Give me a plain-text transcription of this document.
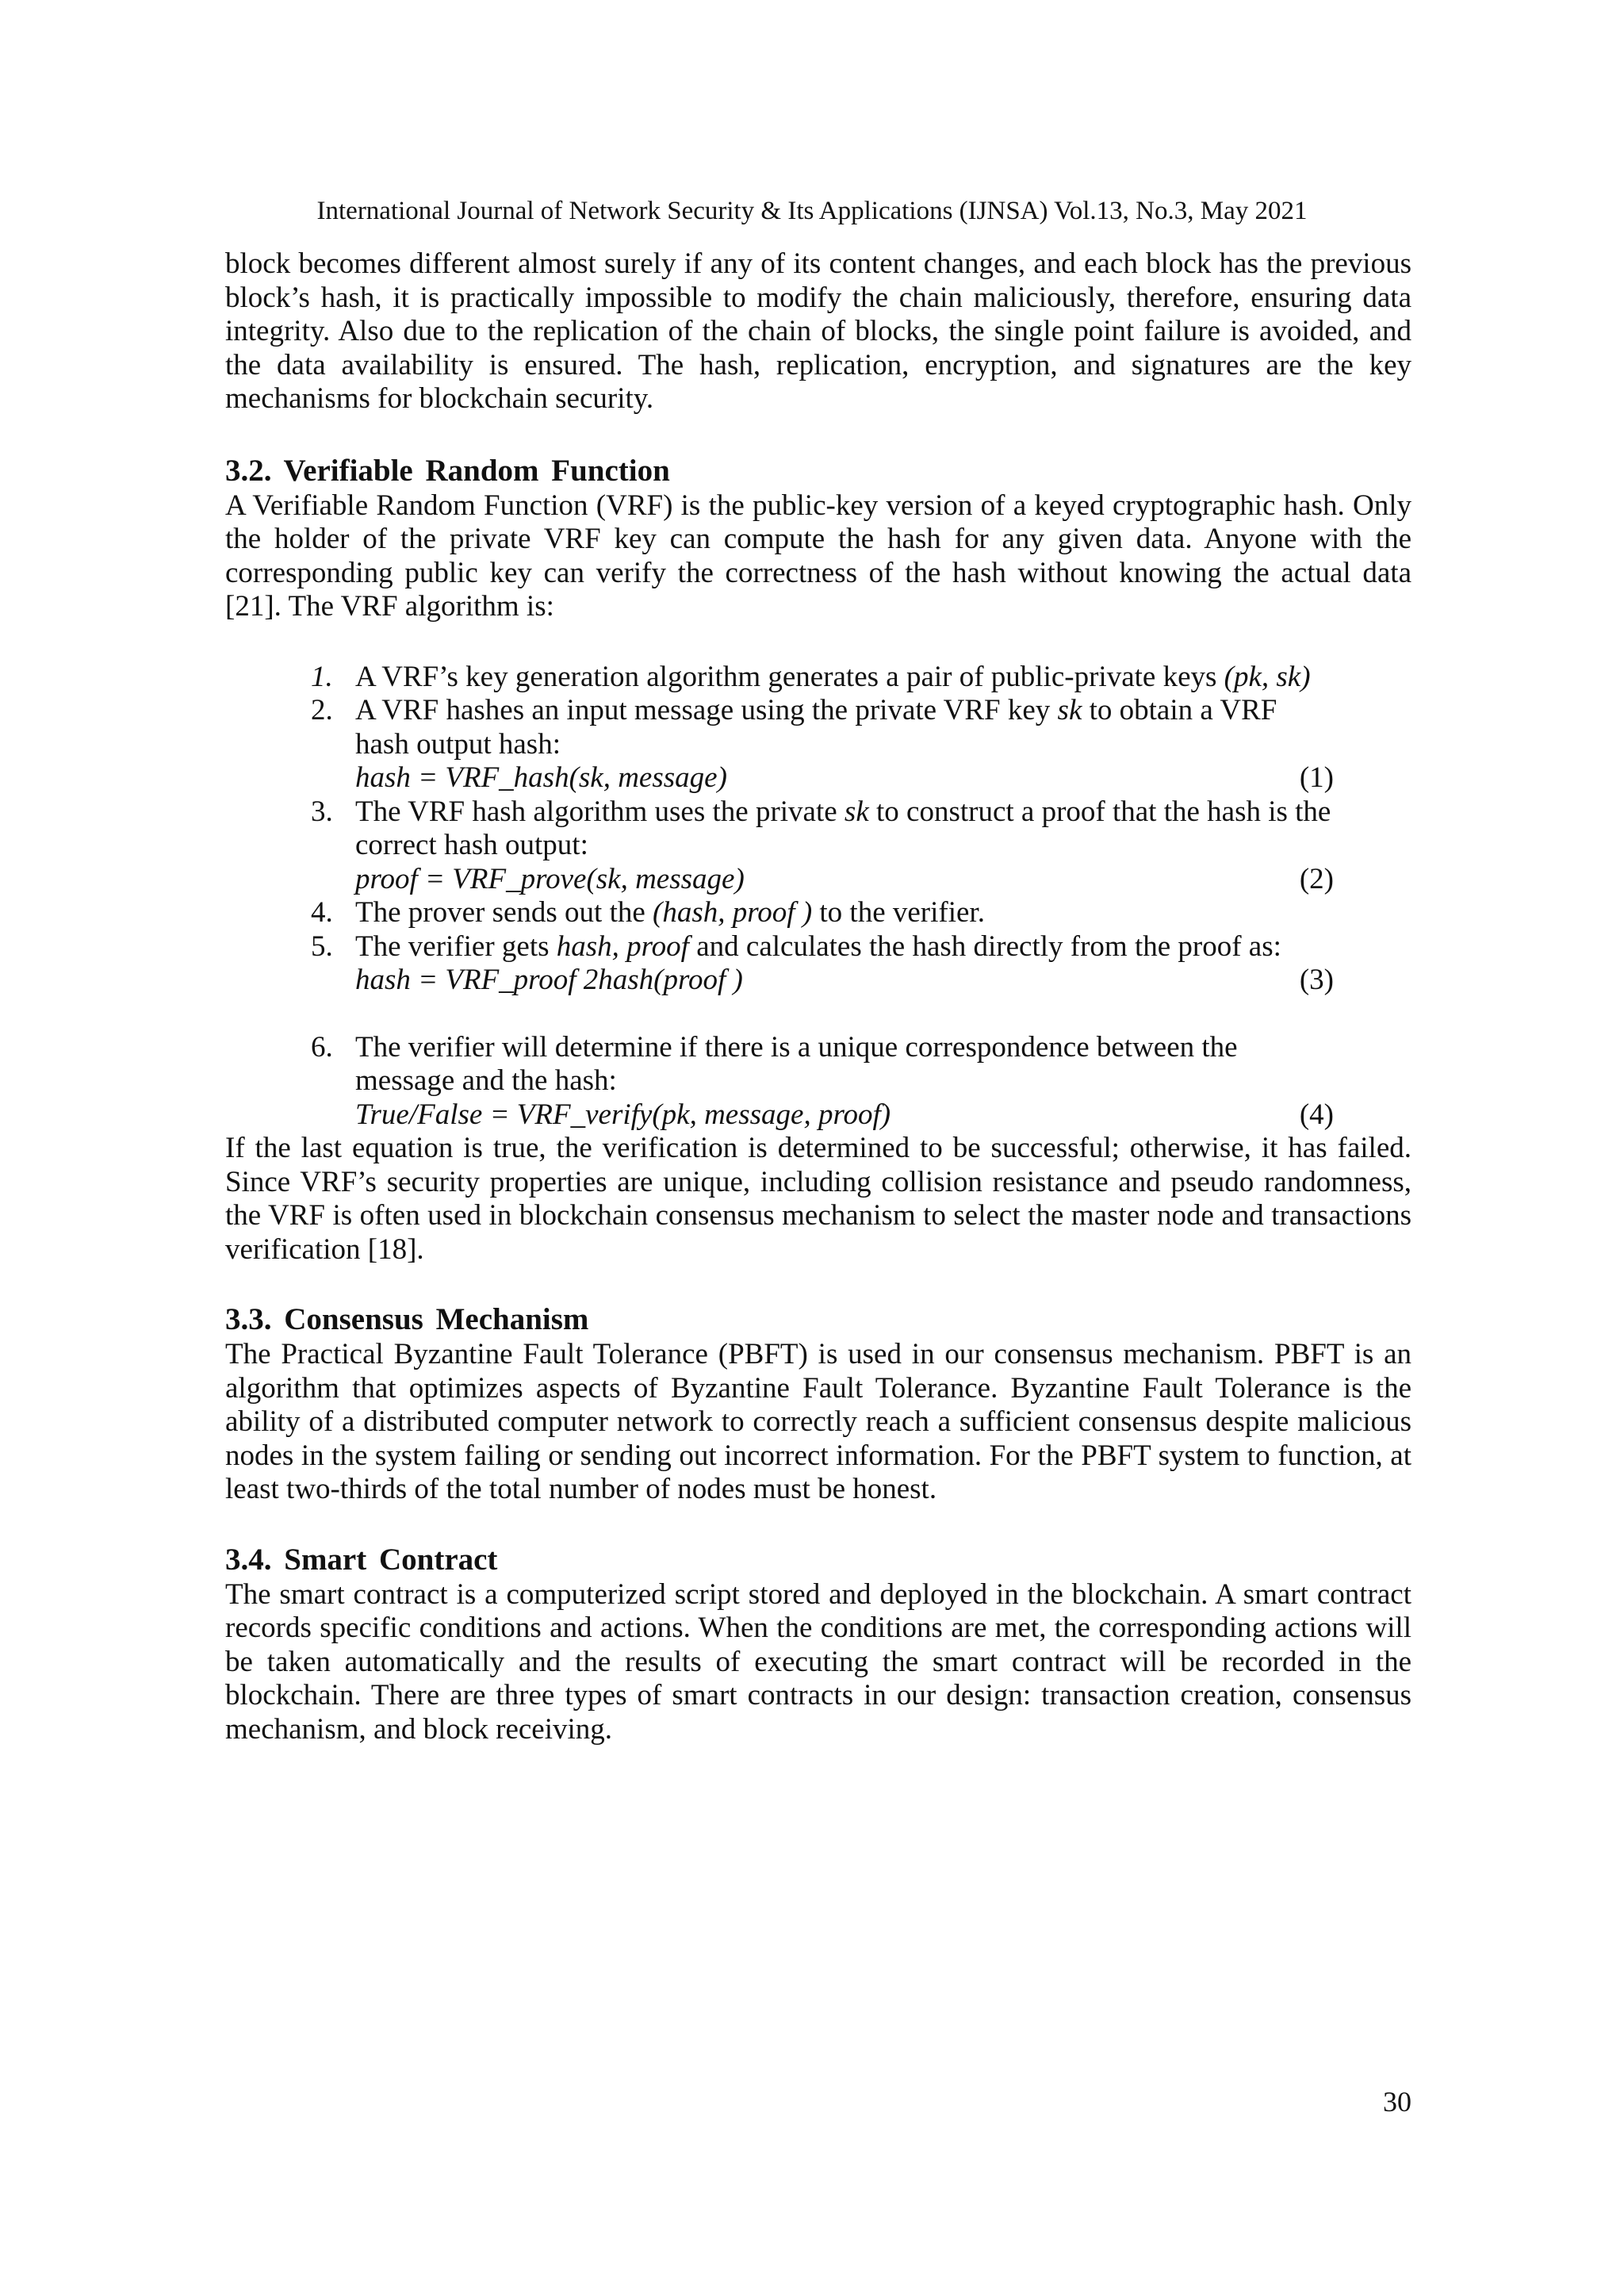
International Journal of Network Security & Its Applications (IJNSA) Vol.13, No.3, May 2021

block becomes different almost surely if any of its content changes, and each block has the previous block’s hash, it is practically impossible to modify the chain maliciously, therefore, ensuring data integrity. Also due to the replication of the chain of blocks, the single point failure is avoided, and the data availability is ensured. The hash, replication, encryption, and signatures are the key mechanisms for blockchain security.

3.2. Verifiable Random Function

A Verifiable Random Function (VRF) is the public-key version of a keyed cryptographic hash. Only the holder of the private VRF key can compute the hash for any given data. Anyone with the corresponding public key can verify the correctness of the hash without knowing the actual data [21]. The VRF algorithm is:

1. A VRF’s key generation algorithm generates a pair of public-private keys (pk, sk)
2. A VRF hashes an input message using the private VRF key sk to obtain a VRF hash output hash:
hash = VRF_hash(sk, message)	(1)
3. The VRF hash algorithm uses the private sk to construct a proof that the hash is the correct hash output:
proof = VRF_prove(sk, message)	(2)
4. The prover sends out the (hash, proof ) to the verifier.
5. The verifier gets hash, proof and calculates the hash directly from the proof as:
hash = VRF_proof 2hash(proof )	(3)
6. The verifier will determine if there is a unique correspondence between the message and the hash:
True/False = VRF_verify(pk, message, proof)	(4)

If the last equation is true, the verification is determined to be successful; otherwise, it has failed. Since VRF’s security properties are unique, including collision resistance and pseudo randomness, the VRF is often used in blockchain consensus mechanism to select the master node and transactions verification [18].

3.3. Consensus Mechanism

The Practical Byzantine Fault Tolerance (PBFT) is used in our consensus mechanism. PBFT is an algorithm that optimizes aspects of Byzantine Fault Tolerance. Byzantine Fault Tolerance is the ability of a distributed computer network to correctly reach a sufficient consensus despite malicious nodes in the system failing or sending out incorrect information. For the PBFT system to function, at least two-thirds of the total number of nodes must be honest.

3.4. Smart Contract

The smart contract is a computerized script stored and deployed in the blockchain. A smart contract records specific conditions and actions. When the conditions are met, the corresponding actions will be taken automatically and the results of executing the smart contract will be recorded in the blockchain. There are three types of smart contracts in our design: transaction creation, consensus mechanism, and block receiving.

30
